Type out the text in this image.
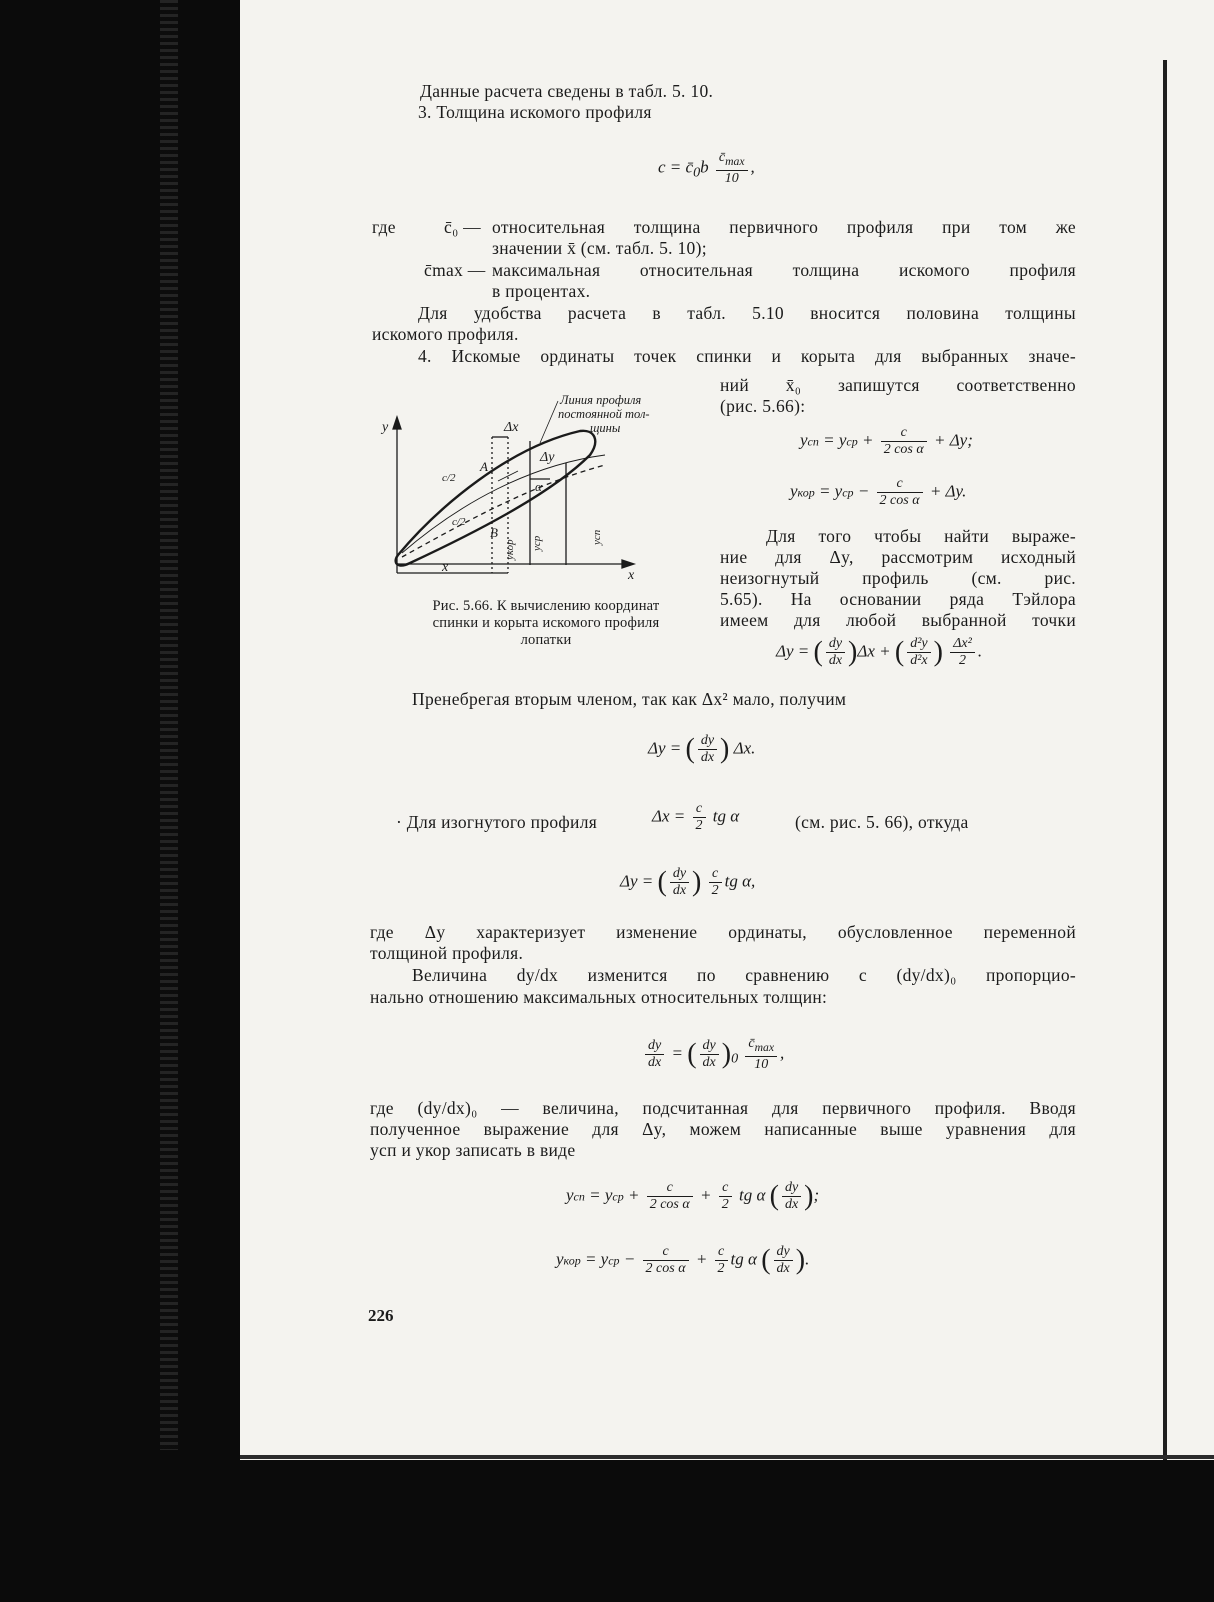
Данные расчета сведены в табл. 5. 10.
3. Толщина искомого профиля
$c = c̄_0b \frac{c̄_{max}}{10}$ ,
где	c̄₀ — относительная толщина первичного профиля при том же
значении x̄ (см. табл. 5. 10);
c̄max — максимальная относительная толщина искомого профиля
в процентах.
Для удобства расчета в табл. 5.10 вносится половина толщины
искомого профиля.
4. Искомые ординаты точек спинки и корыта для выбранных значе-
ний x̄₀ запишутся соответственно
(рис. 5.66):
Линия профиля
постоянной тол-
щины
Δx
Δy
y
x
x
A
B
α
c/2
c/2
yкор yср	yсп
Рис. 5.66. К вычислению координат
спинки и корыта искомого профиля
лопатки
yсп = yср + $\frac{c}{\text{2 cos α}} + \Delta y$;
yкор = yср − $\frac{c}{\text{2 cos α}} + \Delta y$.
Для того чтобы найти выраже-
ние для Δy, рассмотрим исходный
неизогнутый профиль (см. рис.
5.65). На основании ряда Тэйлора
имеем для любой выбранной точки
Δy = ( $\frac{dy}{dx} )\Delta x$ + ( $\frac{\text{d²y}}{\text{d²x}}$ ) $\frac{\text{Δx²}}{2}$ .
Пренебрегая вторым членом, так как Δx² мало, получим
Δy = ( $\frac{dy}{dx}$ ) Δx.
· Для изогнутого профиля	$\Delta x = \frac{c}{2}$ tg α	(см. рис. 5. 66), откуда
Δy = ( $\frac{dy}{dx}$ ) $\frac{c}{2}$ tg α,
где Δy характеризует изменение ординаты, обусловленное переменной
толщиной профиля.
Величина dy/dx изменится по сравнению с (dy/dx)₀ пропорцио-
нально отношению максимальных относительных толщин:
$\frac{dy}{dx}$ = ( $\frac{dy}{dx} )_0 \frac{c̄_{max}}{10}$ ,
где (dy/dx)₀ — величина, подсчитанная для первичного профиля. Вводя
полученное выражение для Δy, можем написанные выше уравнения для
yсп и yкор записать в виде
yсп = yср + $\frac{c}{\text{2 cos α}} + \frac{c}{2}$ tg α ( $\frac{dy}{dx}$ );
yкор = yср − $\frac{c}{\text{2 cos α}} + \frac{c}{2}$ tg α ( $\frac{dy}{dx}$ ).
226
